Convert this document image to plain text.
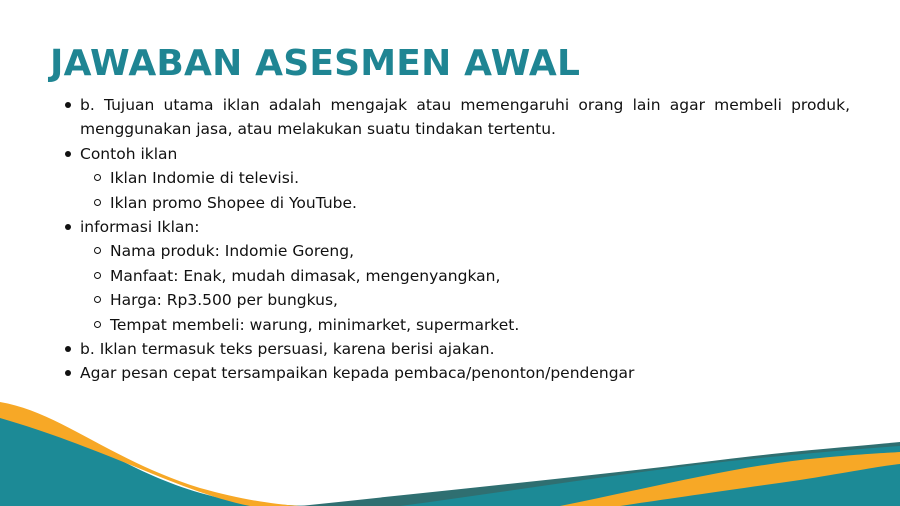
JAWABAN ASESMEN AWAL
b. Tujuan utama iklan adalah mengajak atau memengaruhi orang lain agar membeli produk, menggunakan jasa, atau melakukan suatu tindakan tertentu.
Contoh iklan
Iklan Indomie di televisi.
Iklan promo Shopee di YouTube.
informasi Iklan:
Nama produk: Indomie Goreng,
Manfaat: Enak, mudah dimasak, mengenyangkan,
Harga: Rp3.500 per bungkus,
Tempat membeli: warung, minimarket, supermarket.
b. Iklan termasuk teks persuasi, karena berisi ajakan.
Agar pesan cepat tersampaikan kepada pembaca/penonton/pendengar
